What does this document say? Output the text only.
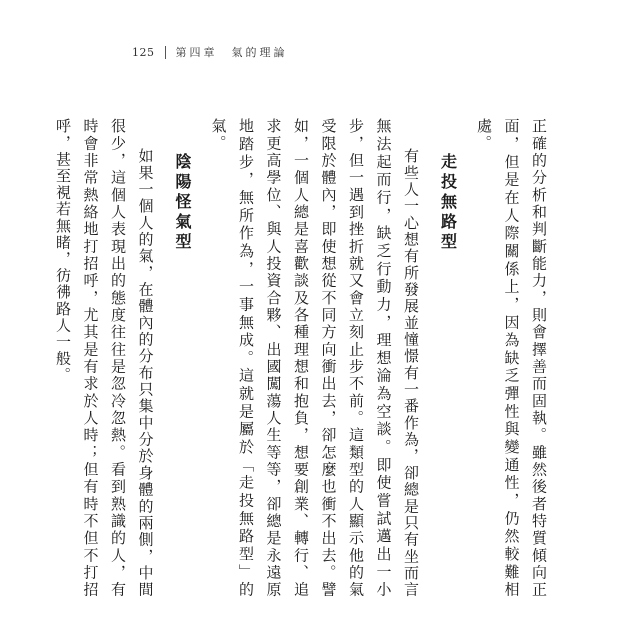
125 第四章　氣的理論

正確的分析和判斷能力，則會擇善而固執。雖然後者特質傾向正面，但是在人際關係上，因為缺乏彈性與變通性，仍然較難相處。

走投無路型

有些人一心想有所發展並憧憬有一番作為，卻總是只有坐而言無法起而行，缺乏行動力，理想淪為空談。即使嘗試邁出一小步，但一遇到挫折就又會立刻止步不前。這類型的人顯示他的氣受限於體內，即使想從不同方向衝出去，卻怎麼也衝不出去。譬如，一個人總是喜歡談及各種理想和抱負，想要創業、轉行、追求更高學位、與人投資合夥、出國闖蕩人生等等，卻總是永遠原地踏步，無所作為，一事無成。這就是屬於「走投無路型」的氣。

陰陽怪氣型

如果一個人的氣，在體內的分布只集中分於身體的兩側，中間很少，這個人表現出的態度往往是忽冷忽熱。看到熟識的人，有時會非常熱絡地打招呼，尤其是有求於人時；但有時不但不打招呼，甚至視若無睹，彷彿路人一般。
